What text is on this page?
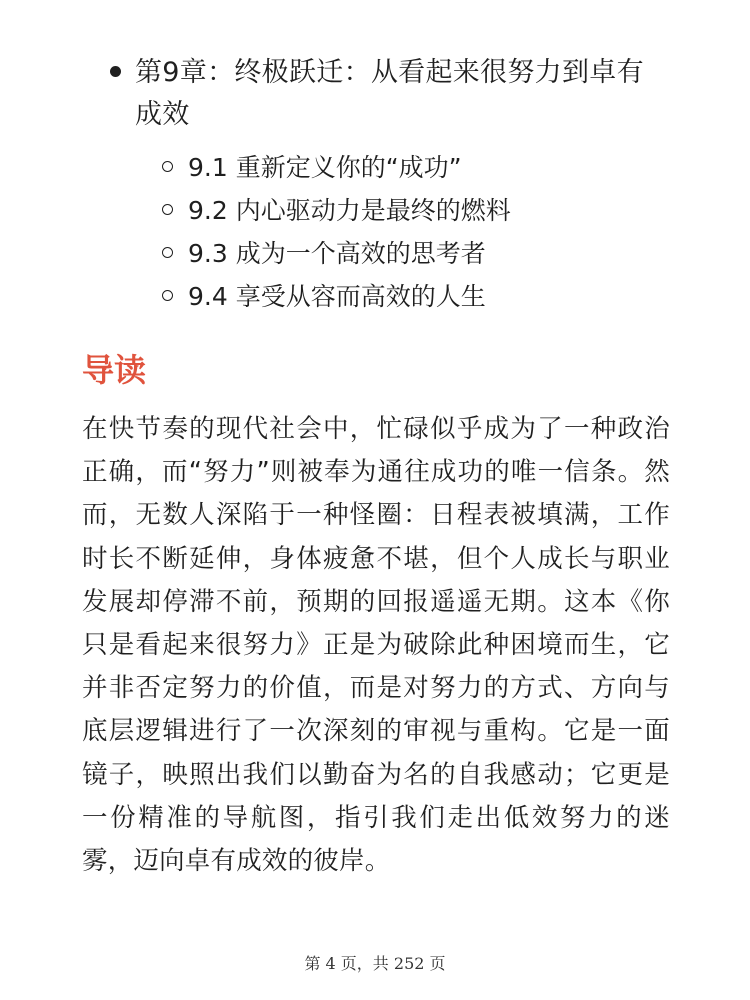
第9章：终极跃迁：从看起来很努力到卓有成效
9.1 重新定义你的“成功”
9.2 内心驱动力是最终的燃料
9.3 成为一个高效的思考者
9.4 享受从容而高效的人生
导读

在快节奏的现代社会中，忙碌似乎成为了一种政治正确，而“努力”则被奉为通往成功的唯一信条。然而，无数人深陷于一种怪圈：日程表被填满，工作时长不断延伸，身体疲惫不堪，但个人成长与职业发展却停滞不前，预期的回报遥遥无期。这本《你只是看起来很努力》正是为破除此种困境而生，它并非否定努力的价值，而是对努力的方式、方向与底层逻辑进行了一次深刻的审视与重构。它是一面镜子，映照出我们以勤奋为名的自我感动；它更是一份精准的导航图，指引我们走出低效努力的迷雾，迈向卓有成效的彼岸。

第 4 页，共 252 页
